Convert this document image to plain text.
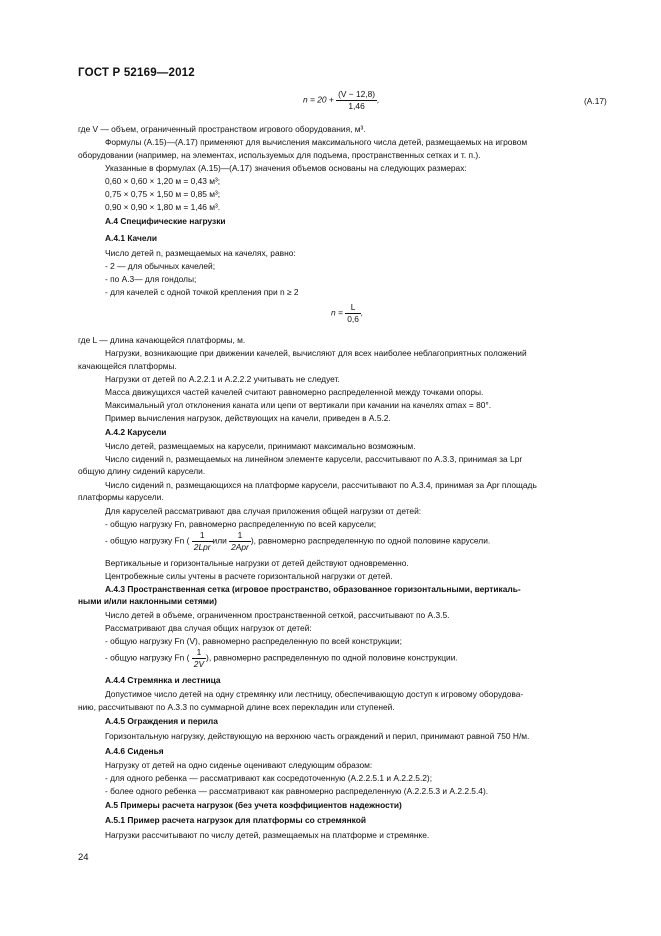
ГОСТ Р 52169—2012
$n = 20 + \frac{(V - 12,8)}{1,46}$ ,	(А.17)
где V — объем, ограниченный пространством игрового оборудования, м³.
Формулы (А.15)—(А.17) применяют для вычисления максимального числа детей, размещаемых на игровом
оборудовании (например, на элементах, используемых для подъема, пространственных сетках и т. п.).
Указанные в формулах (А.15)—(А.17) значения объемов основаны на следующих размерах:
0,60 × 0,60 × 1,20 м = 0,43 м³;
0,75 × 0,75 × 1,50 м = 0,85 м³;
0,90 × 0,90 × 1,80 м = 1,46 м³.
А.4 Специфические нагрузки
А.4.1 Качели
Число детей n, размещаемых на качелях, равно:
- 2 — для обычных качелей;
- по А.3— для гондолы;
- для качелей с одной точкой крепления при n ≥ 2
$n = \frac{L}{0,6}$ ,
где L — длина качающейся платформы, м.
Нагрузки, возникающие при движении качелей, вычисляют для всех наиболее неблагоприятных положений
качающейся платформы.
Нагрузки от детей по А.2.2.1 и А.2.2.2 учитывать не следует.
Масса движущихся частей качелей считают равномерно распределенной между точками опоры.
Максимальный угол отклонения каната или цепи от вертикали при качании на качелях αmax = 80°.
Пример вычисления нагрузок, действующих на качели, приведен в А.5.2.
А.4.2 Карусели
Число детей, размещаемых на карусели, принимают максимально возможным.
Число сидений n, размещаемых на линейном элементе карусели, рассчитывают по А.3.3, принимая за Lpr
общую длину сидений карусели.
Число сидений n, размещающихся на платформе карусели, рассчитывают по А.3.4, принимая за Apr площадь
платформы карусели.
Для каруселей рассматривают два случая приложения общей нагрузки от детей:
- общую нагрузку Fn, равномерно распределенную по всей карусели;
- общую нагрузку Fn ( $\frac{1}{\text{2Lpr}}$ или $\frac{1}{\text{2Apr}}$ ), равномерно распределенную по одной половине карусели.
Вертикальные и горизонтальные нагрузки от детей действуют одновременно.
Центробежные силы учтены в расчете горизонтальной нагрузки от детей.
А.4.3 Пространственная сетка (игровое пространство, образованное горизонтальными, вертикаль-
ными и/или наклонными сетями)
Число детей в объеме, ограниченном пространственной сеткой, рассчитывают по А.3.5.
Рассматривают два случая общих нагрузок от детей:
- общую нагрузку Fn (V), равномерно распределенную по всей конструкции;
- общую нагрузку Fn ( $\frac{1}{2V}$ ), равномерно распределенную по одной половине конструкции.
А.4.4 Стремянка и лестница
Допустимое число детей на одну стремянку или лестницу, обеспечивающую доступ к игровому оборудова-
нию, рассчитывают по А.3.3 по суммарной длине всех перекладин или ступеней.
А.4.5 Ограждения и перила
Горизонтальную нагрузку, действующую на верхнюю часть ограждений и перил, принимают равной 750 Н/м.
А.4.6 Сиденья
Нагрузку от детей на одно сиденье оценивают следующим образом:
- для одного ребенка — рассматривают как сосредоточенную (А.2.2.5.1 и А.2.2.5.2);
- более одного ребенка — рассматривают как равномерно распределенную (А.2.2.5.3 и А.2.2.5.4).
А.5 Примеры расчета нагрузок (без учета коэффициентов надежности)
А.5.1 Пример расчета нагрузок для платформы со стремянкой
Нагрузки рассчитывают по числу детей, размещаемых на платформе и стремянке.
24
